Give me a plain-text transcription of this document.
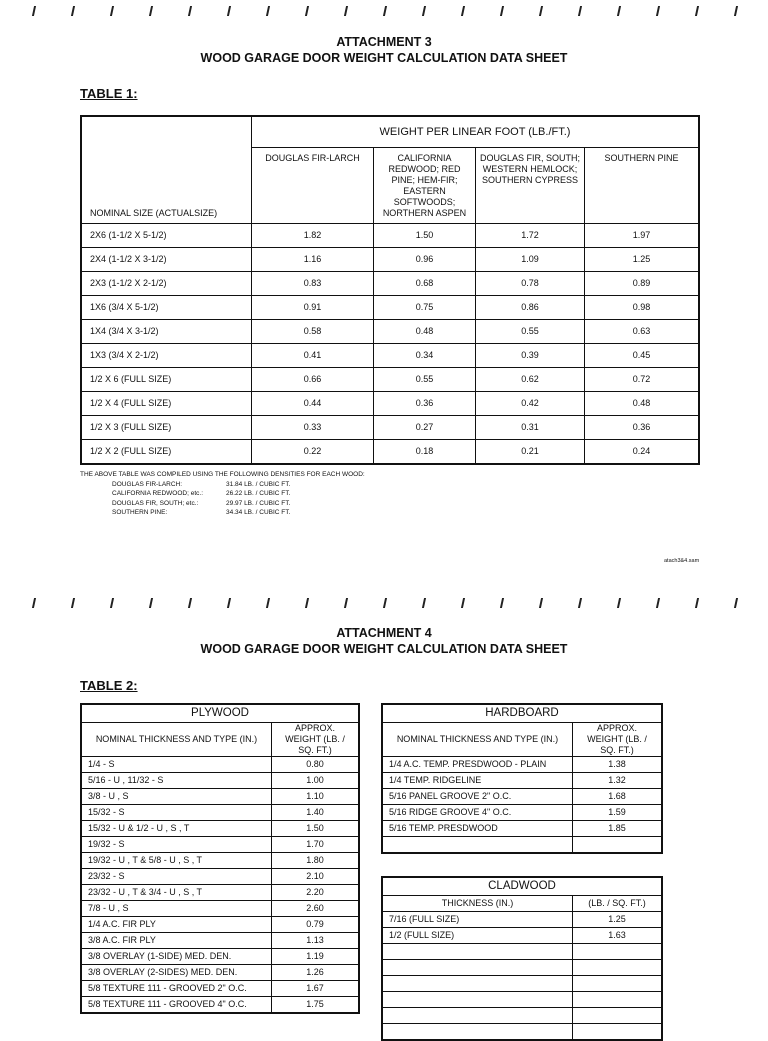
ATTACHMENT 3
WOOD GARAGE DOOR WEIGHT CALCULATION DATA SHEET
TABLE 1:
NOMINAL SIZE (ACTUALSIZE)	WEIGHT PER LINEAR FOOT (LB./FT.)			
	DOUGLAS FIR-LARCH	CALIFORNIA REDWOOD; RED PINE; HEM-FIR; EASTERN SOFTWOODS; NORTHERN ASPEN	DOUGLAS FIR, SOUTH; WESTERN HEMLOCK; SOUTHERN CYPRESS	SOUTHERN PINE
2X6 (1-1/2 X 5-1/2)	1.82	1.50	1.72	1.97
2X4 (1-1/2 X 3-1/2)	1.16	0.96	1.09	1.25
2X3 (1-1/2 X 2-1/2)	0.83	0.68	0.78	0.89
1X6 (3/4 X 5-1/2)	0.91	0.75	0.86	0.98
1X4 (3/4 X 3-1/2)	0.58	0.48	0.55	0.63
1X3 (3/4 X 2-1/2)	0.41	0.34	0.39	0.45
1/2 X 6 (FULL SIZE)	0.66	0.55	0.62	0.72
1/2 X 4 (FULL SIZE)	0.44	0.36	0.42	0.48
1/2 X 3 (FULL SIZE)	0.33	0.27	0.31	0.36
1/2 X 2 (FULL SIZE)	0.22	0.18	0.21	0.24
THE ABOVE TABLE WAS COMPILED USING THE FOLLOWING DENSITIES FOR EACH WOOD:
DOUGLAS FIR-LARCH:	31.84 LB. / CUBIC FT.
CALIFORNIA REDWOOD; etc.:	26.22 LB. / CUBIC FT.
DOUGLAS FIR, SOUTH; etc.:	29.97 LB. / CUBIC FT.
SOUTHERN PINE:	34.34 LB. / CUBIC FT.
atach3&4.sam
ATTACHMENT 4
WOOD GARAGE DOOR WEIGHT CALCULATION DATA SHEET
TABLE 2:
PLYWOOD	
NOMINAL THICKNESS AND TYPE (IN.)	APPROX. WEIGHT (LB. / SQ. FT.)
1/4 - S	0.80
5/16 - U , 11/32 - S	1.00
3/8 - U , S	1.10
15/32 - S	1.40
15/32 - U & 1/2 - U , S , T	1.50
19/32 - S	1.70
19/32 - U , T & 5/8 - U , S , T	1.80
23/32 - S	2.10
23/32 - U , T & 3/4 - U , S , T	2.20
7/8 - U , S	2.60
1/4 A.C. FIR PLY	0.79
3/8 A.C. FIR PLY	1.13
3/8 OVERLAY (1-SIDE) MED. DEN.	1.19
3/8 OVERLAY (2-SIDES) MED. DEN.	1.26
5/8 TEXTURE 111 - GROOVED 2" O.C.	1.67
5/8 TEXTURE 111 - GROOVED 4" O.C.	1.75
HARDBOARD	
NOMINAL THICKNESS AND TYPE (IN.)	APPROX. WEIGHT (LB. / SQ. FT.)
1/4 A.C. TEMP. PRESDWOOD - PLAIN	1.38
1/4 TEMP. RIDGELINE	1.32
5/16 PANEL GROOVE 2" O.C.	1.68
5/16 RIDGE GROOVE 4" O.C.	1.59
5/16 TEMP. PRESDWOOD	1.85

CLADWOOD	
THICKNESS (IN.)	(LB. / SQ. FT.)
7/16 (FULL SIZE)	1.25
1/2 (FULL SIZE)	1.63
